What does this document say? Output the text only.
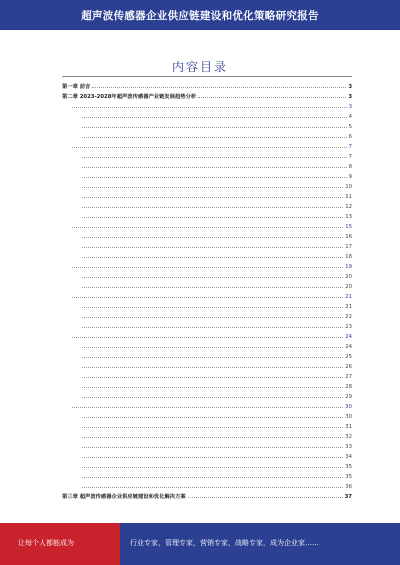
超声波传感器企业供应链建设和优化策略研究报告
内容目录
第一章 前言	3
第二章 2023-2028年超声波传感器产业链发展趋势分析	3
3
4
5
6
7
7
8
9
10
11
12
13
15
16
17
18
19
20
20
21
21
22
23
24
24
25
26
27
28
29
30
30
31
32
33
34
35
35
36
第三章 超声波传感器企业供应链建设和优化解决方案	37
让每个人都能成为	行业专家，管理专家，营销专家，战略专家，成为企业家……
